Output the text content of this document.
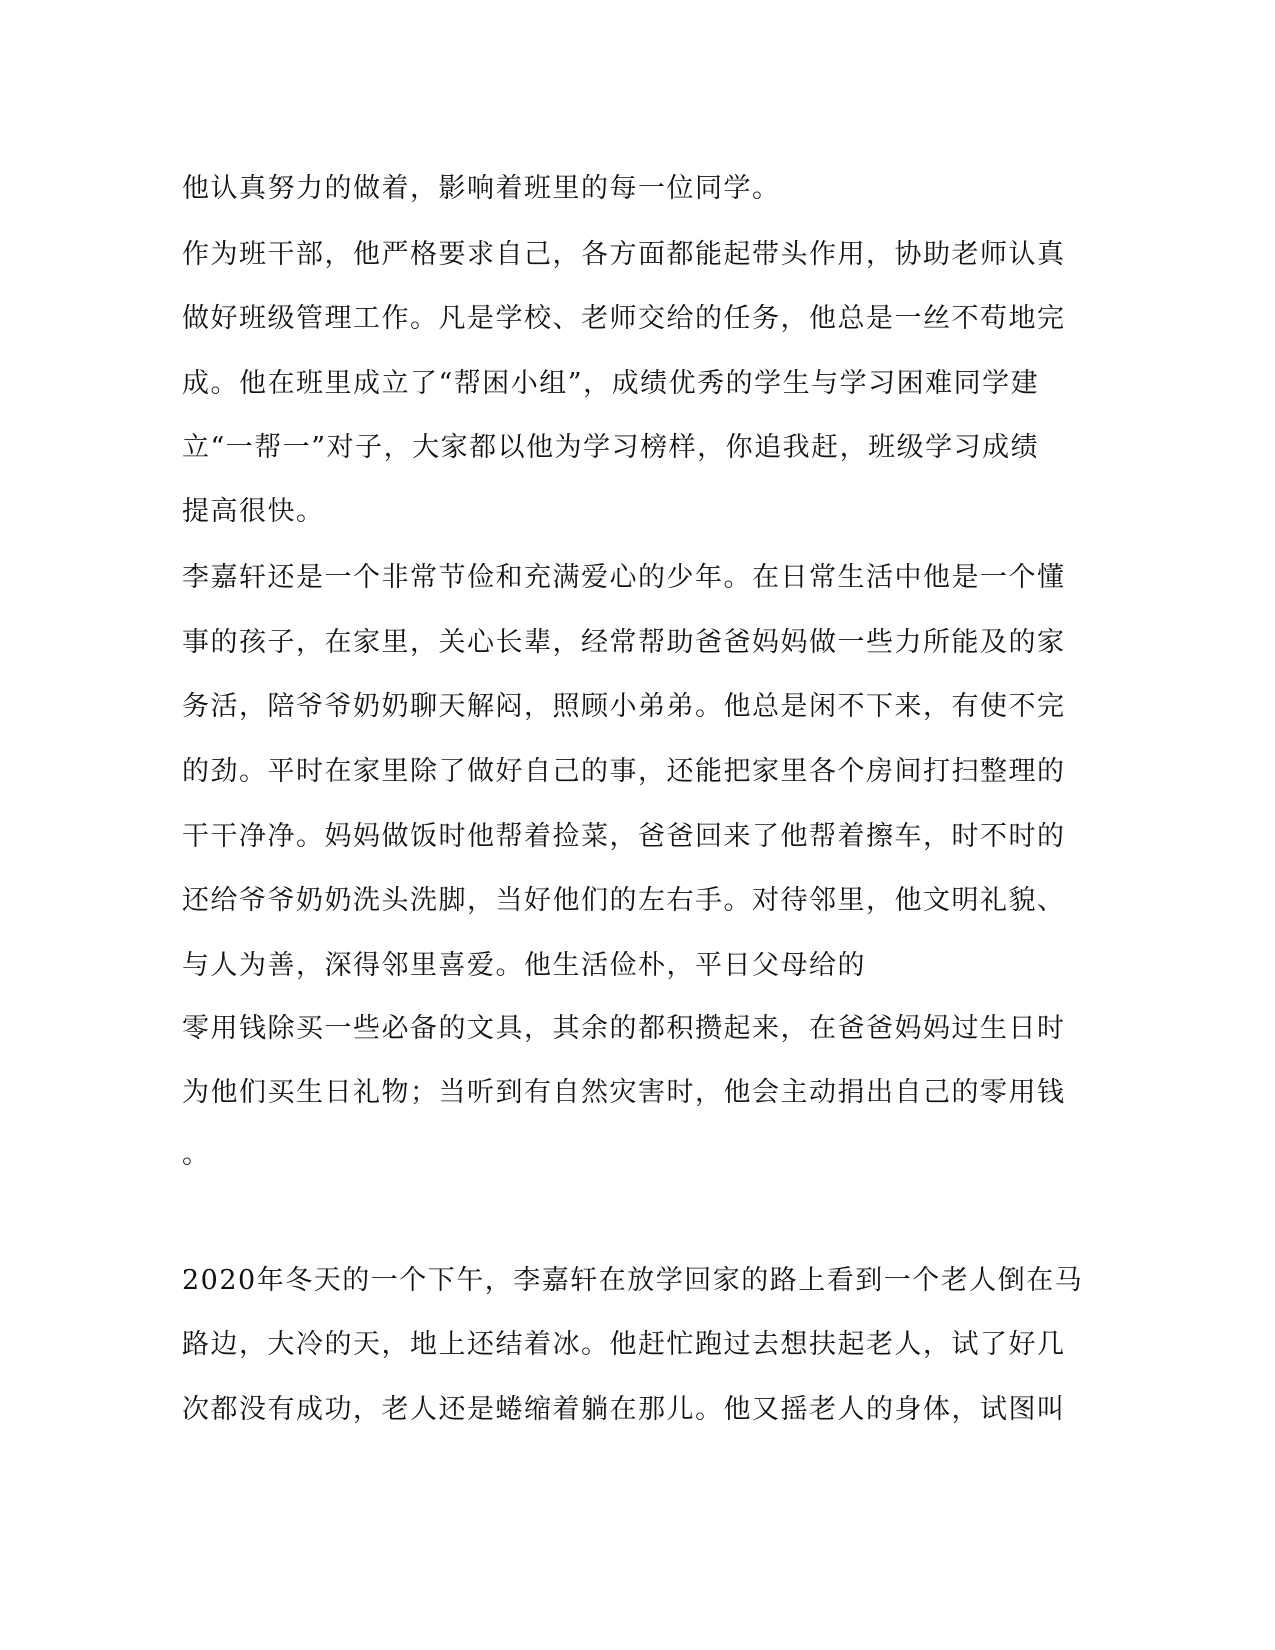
他认真努力的做着，影响着班里的每一位同学。
作为班干部，他严格要求自己，各方面都能起带头作用，协助老师认真
做好班级管理工作。凡是学校、老师交给的任务，他总是一丝不苟地完
成。他在班里成立了“帮困小组”，成绩优秀的学生与学习困难同学建
立“一帮一”对子，大家都以他为学习榜样，你追我赶，班级学习成绩
提高很快。
李嘉轩还是一个非常节俭和充满爱心的少年。在日常生活中他是一个懂
事的孩子，在家里，关心长辈，经常帮助爸爸妈妈做一些力所能及的家
务活，陪爷爷奶奶聊天解闷，照顾小弟弟。他总是闲不下来，有使不完
的劲。平时在家里除了做好自己的事，还能把家里各个房间打扫整理的
干干净净。妈妈做饭时他帮着捡菜，爸爸回来了他帮着擦车，时不时的
还给爷爷奶奶洗头洗脚，当好他们的左右手。对待邻里，他文明礼貌、
与人为善，深得邻里喜爱。他生活俭朴，平日父母给的
零用钱除买一些必备的文具，其余的都积攒起来，在爸爸妈妈过生日时
为他们买生日礼物；当听到有自然灾害时，他会主动捐出自己的零用钱
。
2020年冬天的一个下午，李嘉轩在放学回家的路上看到一个老人倒在马
路边，大冷的天，地上还结着冰。他赶忙跑过去想扶起老人，试了好几
次都没有成功，老人还是蜷缩着躺在那儿。他又摇老人的身体，试图叫
